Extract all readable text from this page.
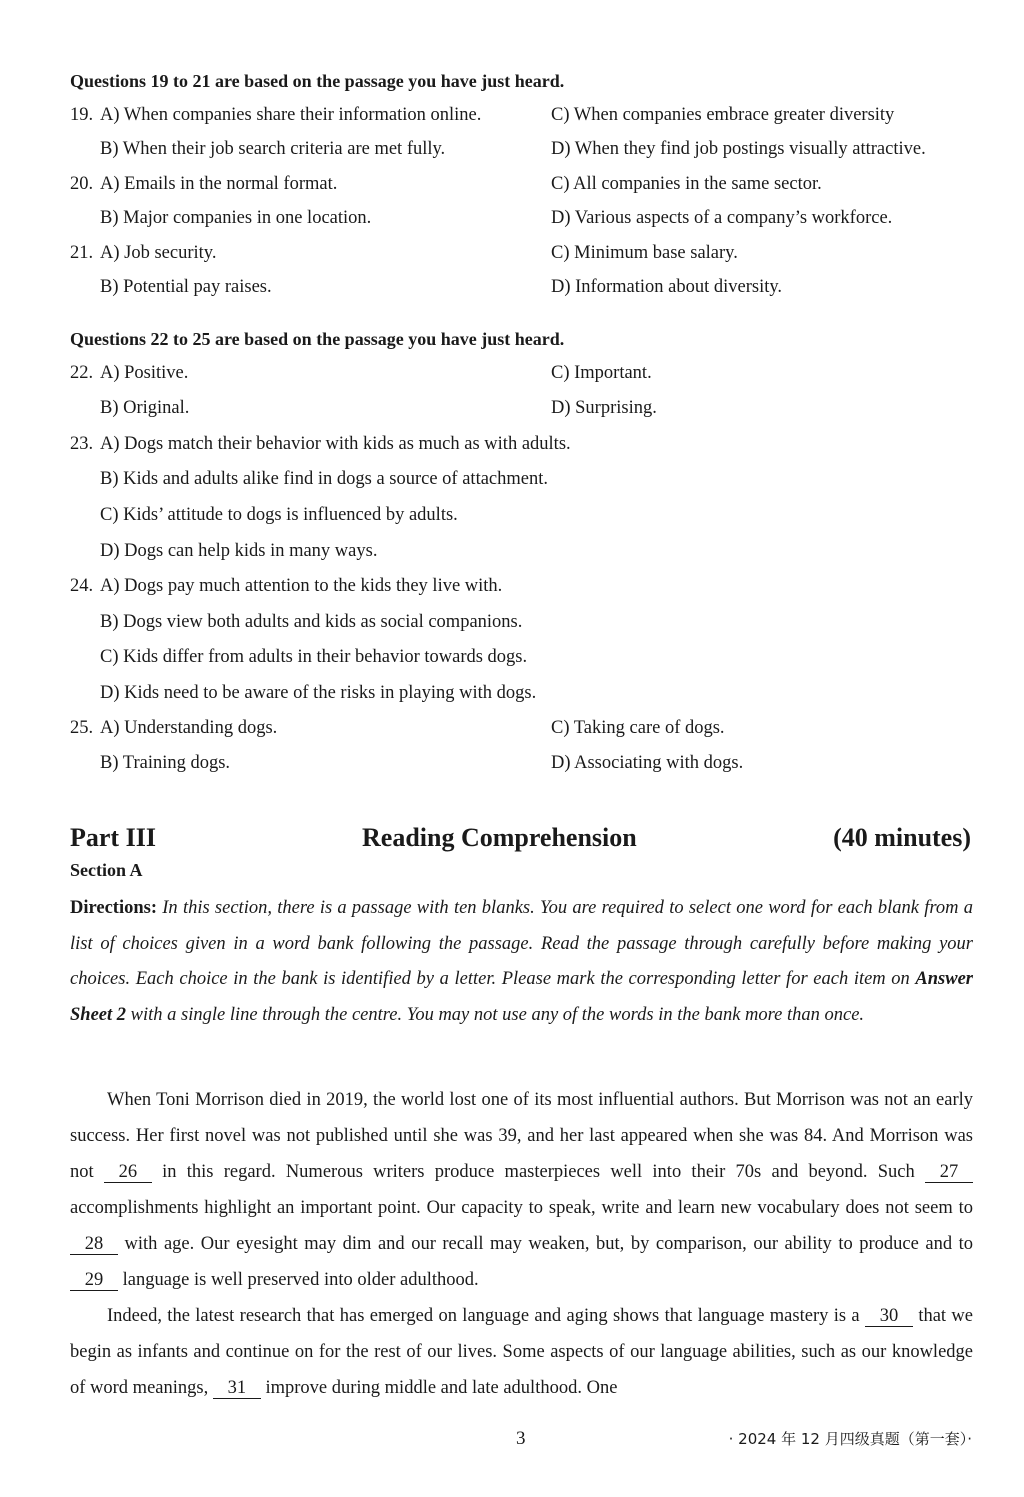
Questions 19 to 21 are based on the passage you have just heard.
19. A) When companies share their information online.	C) When companies embrace greater diversity
B) When their job search criteria are met fully.	D) When they find job postings visually attractive.
20. A) Emails in the normal format.	C) All companies in the same sector.
B) Major companies in one location.	D) Various aspects of a company’s workforce.
21. A) Job security.	C) Minimum base salary.
B) Potential pay raises.	D) Information about diversity.
Questions 22 to 25 are based on the passage you have just heard.
22. A) Positive.	C) Important.
B) Original.	D) Surprising.
23. A) Dogs match their behavior with kids as much as with adults.
B) Kids and adults alike find in dogs a source of attachment.
C) Kids’ attitude to dogs is influenced by adults.
D) Dogs can help kids in many ways.
24. A) Dogs pay much attention to the kids they live with.
B) Dogs view both adults and kids as social companions.
C) Kids differ from adults in their behavior towards dogs.
D) Kids need to be aware of the risks in playing with dogs.
25. A) Understanding dogs.	C) Taking care of dogs.
B) Training dogs.	D) Associating with dogs.
Part III	Reading Comprehension	(40 minutes)
Section A
Directions: In this section, there is a passage with ten blanks. You are required to select one word for each blank from a list of choices given in a word bank following the passage. Read the passage through carefully before making your choices. Each choice in the bank is identified by a letter. Please mark the corresponding letter for each item on Answer Sheet 2 with a single line through the centre. You may not use any of the words in the bank more than once.

When Toni Morrison died in 2019, the world lost one of its most influential authors. But Morrison was not an early success. Her first novel was not published until she was 39, and her last appeared when she was 84. And Morrison was not 26 in this regard. Numerous writers produce masterpieces well into their 70s and beyond. Such 27 accomplishments highlight an important point. Our capacity to speak, write and learn new vocabulary does not seem to 28 with age. Our eyesight may dim and our recall may weaken, but, by comparison, our ability to produce and to 29 language is well preserved into older adulthood.

Indeed, the latest research that has emerged on language and aging shows that language mastery is a 30 that we begin as infants and continue on for the rest of our lives. Some aspects of our language abilities, such as our knowledge of word meanings, 31 improve during middle and late adulthood. One

3	· 2024 年 12 月四级真题（第一套）·
